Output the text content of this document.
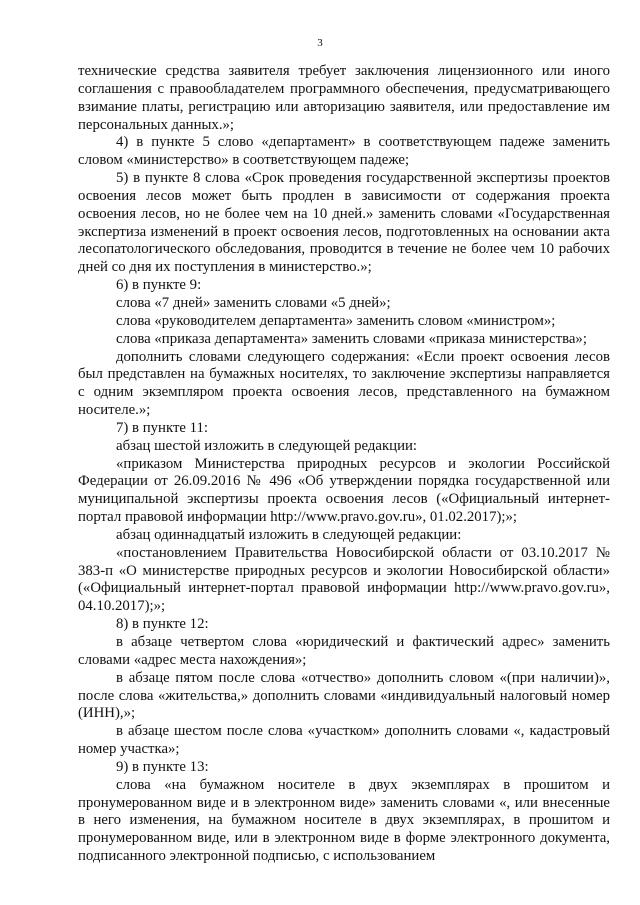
3

технические средства заявителя требует заключения лицензионного или иного соглашения с правообладателем программного обеспечения, предусматривающего взимание платы, регистрацию или авторизацию заявителя, или предоставление им персональных данных.»;

4) в пункте 5 слово «департамент» в соответствующем падеже заменить словом «министерство» в соответствующем падеже;

5) в пункте 8 слова «Срок проведения государственной экспертизы проектов освоения лесов может быть продлен в зависимости от содержания проекта освоения лесов, но не более чем на 10 дней.» заменить словами «Государственная экспертиза изменений в проект освоения лесов, подготовленных на основании акта лесопатологического обследования, проводится в течение не более чем 10 рабочих дней со дня их поступления в министерство.»;

6) в пункте 9:

слова «7 дней» заменить словами «5 дней»;

слова «руководителем департамента» заменить словом «министром»;

слова «приказа департамента» заменить словами «приказа министерства»;

дополнить словами следующего содержания: «Если проект освоения лесов был представлен на бумажных носителях, то заключение экспертизы направляется с одним экземпляром проекта освоения лесов, представленного на бумажном носителе.»;

7) в пункте 11:

абзац шестой изложить в следующей редакции:

«приказом Министерства природных ресурсов и экологии Российской Федерации от 26.09.2016 № 496 «Об утверждении порядка государственной или муниципальной экспертизы проекта освоения лесов («Официальный интернет-портал правовой информации http://www.pravo.gov.ru», 01.02.2017);»;

абзац одиннадцатый изложить в следующей редакции:

«постановлением Правительства Новосибирской области от 03.10.2017 № 383-п «О министерстве природных ресурсов и экологии Новосибирской области» («Официальный интернет-портал правовой информации http://www.pravo.gov.ru», 04.10.2017);»;

8) в пункте 12:

в абзаце четвертом слова «юридический и фактический адрес» заменить словами «адрес места нахождения»;

в абзаце пятом после слова «отчество» дополнить словом «(при наличии)», после слова «жительства,» дополнить словами «индивидуальный налоговый номер (ИНН),»;

в абзаце шестом после слова «участком» дополнить словами «, кадастровый номер участка»;

9) в пункте 13:

слова «на бумажном носителе в двух экземплярах в прошитом и пронумерованном виде и в электронном виде» заменить словами «, или внесенные в него изменения, на бумажном носителе в двух экземплярах, в прошитом и пронумерованном виде, или в электронном виде в форме электронного документа, подписанного электронной подписью, с использованием
